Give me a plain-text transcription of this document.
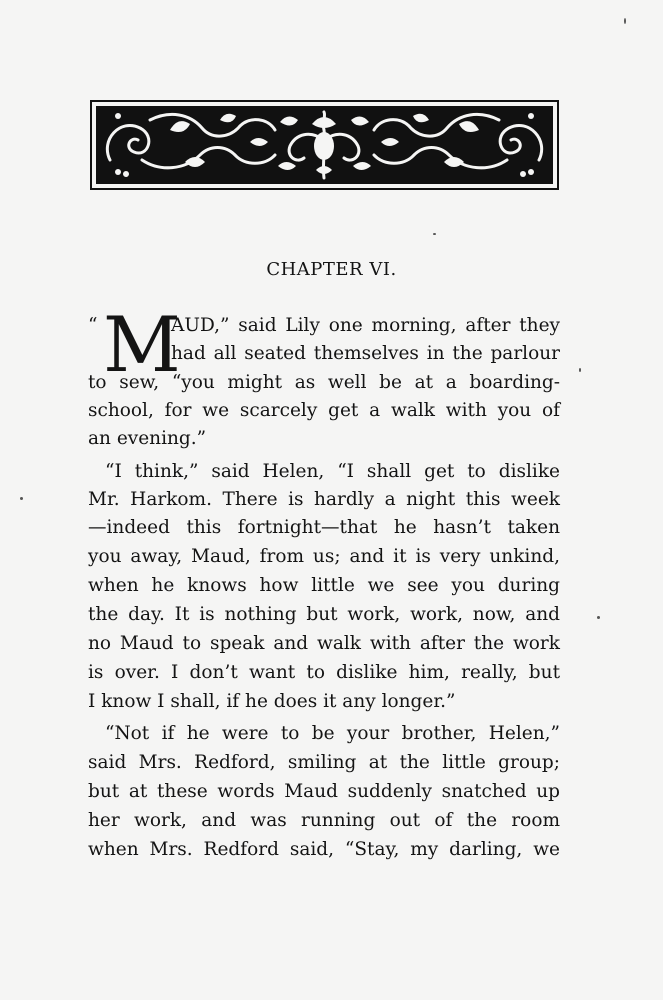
CHAPTER VI.
“ M
AUD,” said Lily one morning, after they
had all seated themselves in the parlour
to sew, “you might as well be at a boarding-
school, for we scarcely get a walk with you of
an evening.”
“I think,” said Helen, “I shall get to dislike
Mr. Harkom. There is hardly a night this week
—indeed this fortnight—that he hasn’t taken
you away, Maud, from us; and it is very unkind,
when he knows how little we see you during
the day. It is nothing but work, work, now, and
no Maud to speak and walk with after the work
is over. I don’t want to dislike him, really, but
I know I shall, if he does it any longer.”
“Not if he were to be your brother, Helen,”
said Mrs. Redford, smiling at the little group;
but at these words Maud suddenly snatched up
her work, and was running out of the room
when Mrs. Redford said, “Stay, my darling, we
